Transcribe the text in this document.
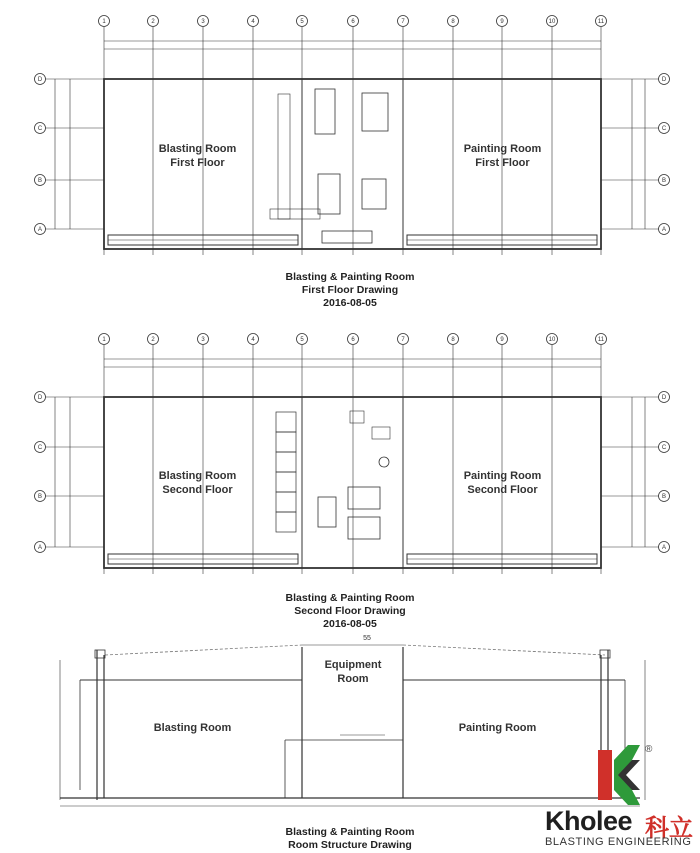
1	2	3	4	5	6	7	8	9	10	11
D	D
C	C
B	B
A	A
1	2	3	4	5	6	7	8	9	10	11
D	D
C	C
B	B
A	A
55
Blasting Room
First Floor
Painting Room
First Floor
Blasting & Painting Room
First Floor Drawing
2016-08-05
Blasting Room
Second Floor
Painting Room
Second Floor
Blasting & Painting Room
Second Floor Drawing
2016-08-05
Equipment
Room
Blasting Room	Painting Room
Blasting & Painting Room
Room Structure Drawing
®
Kholee 科立
BLASTING ENGINEERING
